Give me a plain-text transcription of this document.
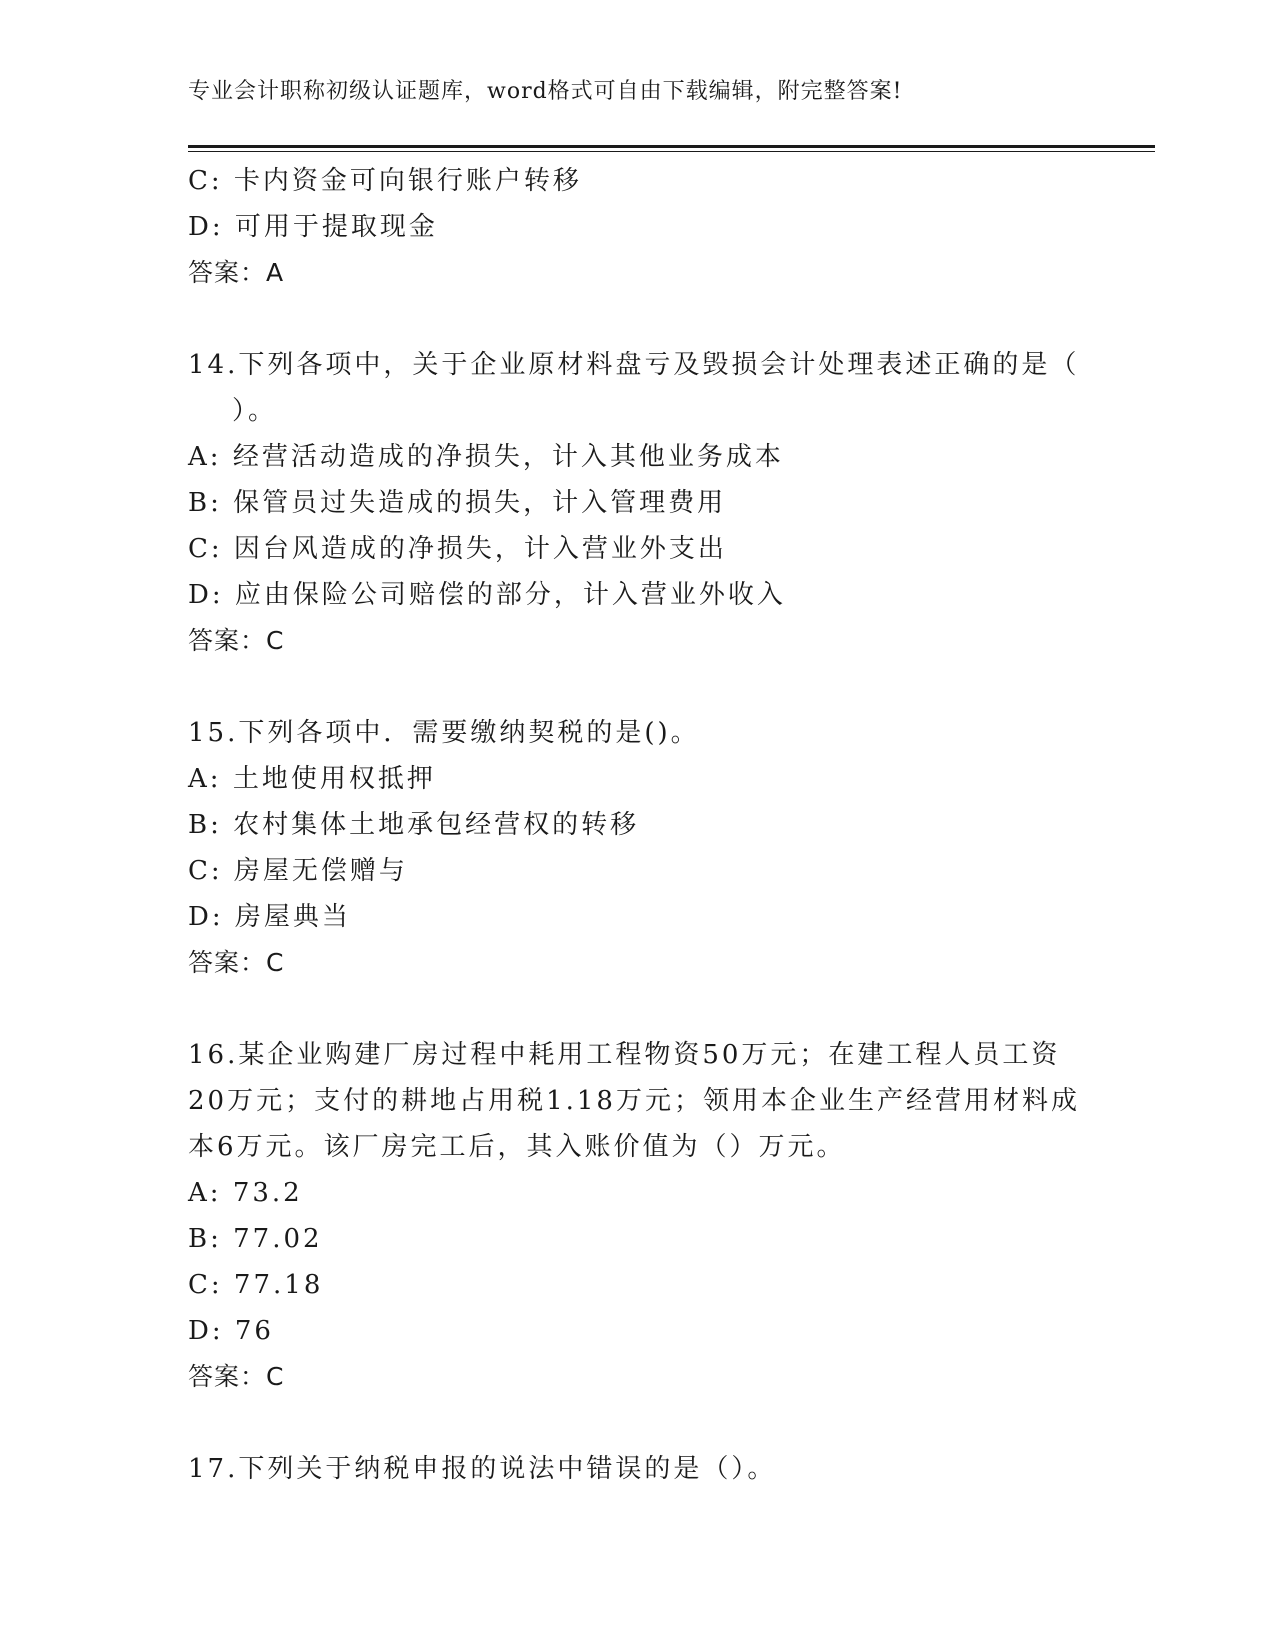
专业会计职称初级认证题库，word格式可自由下载编辑，附完整答案!
C: 卡内资金可向银行账户转移
D: 可用于提取现金
答案：A
14.下列各项中，关于企业原材料盘亏及毁损会计处理表述正确的是（
）。
A: 经营活动造成的净损失，计入其他业务成本
B: 保管员过失造成的损失，计入管理费用
C: 因台风造成的净损失，计入营业外支出
D: 应由保险公司赔偿的部分，计入营业外收入
答案：C
15.下列各项中．需要缴纳契税的是()。
A: 土地使用权抵押
B: 农村集体土地承包经营权的转移
C: 房屋无偿赠与
D: 房屋典当
答案：C
16.某企业购建厂房过程中耗用工程物资50万元；在建工程人员工资
20万元；支付的耕地占用税1.18万元；领用本企业生产经营用材料成
本6万元。该厂房完工后，其入账价值为（）万元。
A: 73.2
B: 77.02
C: 77.18
D: 76
答案：C
17.下列关于纳税申报的说法中错误的是（）。
